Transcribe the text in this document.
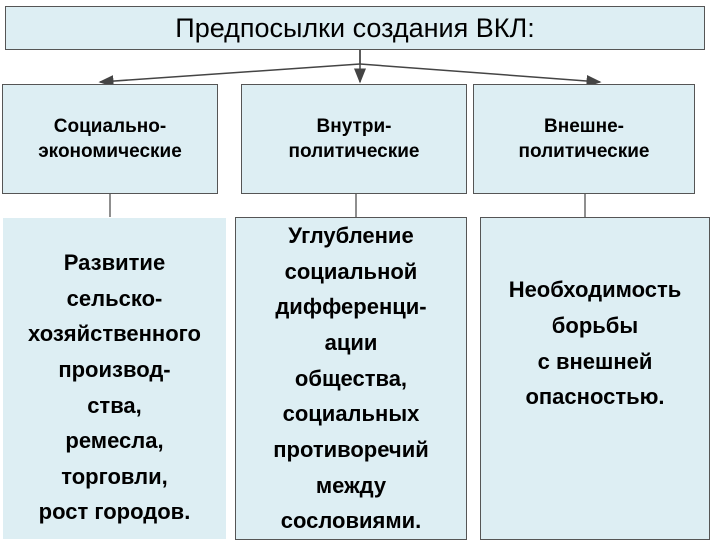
Предпосылки создания ВКЛ:
Социально-
экономические
Внутри-
политические
Внешне-
политические
Развитие
сельско-
хозяйственного
производ-
ства,
ремесла,
торговли,
рост городов.
Углубление
социальной
дифференци-
ации
общества,
социальных
противоречий
между
сословиями.
Необходимость
борьбы
с внешней
опасностью.
